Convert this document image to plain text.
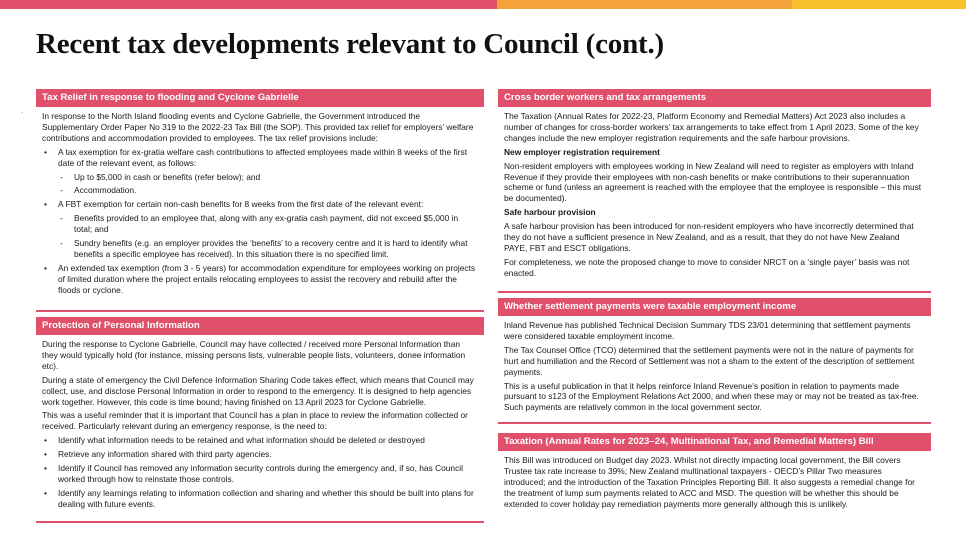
Recent tax developments relevant to Council (cont.)
-
Tax Relief in response to flooding and Cyclone Gabrielle

In response to the North Island flooding events and Cyclone Gabrielle, the Government introduced the Supplementary Order Paper No 319 to the 2022-23 Tax Bill (the SOP). This provided tax relief for employers’ welfare contributions and accommodation provided to employees. The tax relief provisions include:

• A tax exemption for ex-gratia welfare cash contributions to affected employees made within 8 weeks of the first date of the relevant event, as follows:
- Up to $5,000 in cash or benefits (refer below); and
- Accommodation.
• A FBT exemption for certain non-cash benefits for 8 weeks from the first date of the relevant event:
- Benefits provided to an employee that, along with any ex-gratia cash payment, did not exceed $5,000 in total; and
- Sundry benefits (e.g. an employer provides the ‘benefits’ to a recovery centre and it is hard to identify what benefits a specific employee has received). In this situation there is no specified limit.
• An extended tax exemption (from 3 - 5 years) for accommodation expenditure for employees working on projects of limited duration where the project entails relocating employees to assist the recovery and rebuild after the floods or cyclone.
Protection of Personal Information

During the response to Cyclone Gabrielle, Council may have collected / received more Personal Information than they would typically hold (for instance, missing persons lists, vulnerable people lists, volunteers, donee information etc).

During a state of emergency the Civil Defence Information Sharing Code takes effect, which means that Council may collect, use, and disclose Personal Information in order to respond to the emergency. It is designed to help agencies work together. However, this code is time bound; having finished on 13 April 2023 for Cyclone Gabrielle.

This was a useful reminder that it is important that Council has a plan in place to review the information collected or received. Particularly relevant during an emergency response, is the need to:

• Identify what information needs to be retained and what information should be deleted or destroyed
• Retrieve any information shared with third party agencies.
• Identify if Council has removed any information security controls during the emergency and, if so, has Council worked through how to reinstate those controls.
• Identify any learnings relating to information collection and sharing and whether this should be built into plans for dealing with future events.
Cross border workers and tax arrangements

The Taxation (Annual Rates for 2022-23, Platform Economy and Remedial Matters) Act 2023 also includes a number of changes for cross-border workers’ tax arrangements to take effect from 1 April 2023. Some of the key changes include the new employer registration requirements and the safe harbour provisions.

New employer registration requirement

Non-resident employers with employees working in New Zealand will need to register as employers with Inland Revenue if they provide their employees with non-cash benefits or make contributions to their superannuation scheme or fund (unless an agreement is reached with the employee that the employee is responsible – this must be documented).

Safe harbour provision

A safe harbour provision has been introduced for non-resident employers who have incorrectly determined that they do not have a sufficient presence in New Zealand, and as a result, that they do not have New Zealand PAYE, FBT and ESCT obligations.

For completeness, we note the proposed change to move to consider NRCT on a ‘single payer’ basis was not enacted.

Whether settlement payments were taxable employment income

Inland Revenue has published Technical Decision Summary TDS 23/01 determining that settlement payments were considered taxable employment income.

The Tax Counsel Office (TCO) determined that the settlement payments were not in the nature of payments for hurt and humiliation and the Record of Settlement was not a sham to the extent of the description of settlement payments.

This is a useful publication in that it helps reinforce Inland Revenue’s position in relation to payments made pursuant to s123 of the Employment Relations Act 2000, and when these may or may not be treated as tax-free. Such payments are relatively common in the local government sector.

Taxation (Annual Rates for 2023–24, Multinational Tax, and Remedial Matters) Bill

This Bill was introduced on Budget day 2023. Whilst not directly impacting local government, the Bill covers Trustee tax rate increase to 39%; New Zealand multinational taxpayers - OECD’s Pillar Two measures introduced; and the introduction of the Taxation Principles Reporting Bill. It also suggests a remedial change for the treatment of lump sum payments related to ACC and MSD. The question will be whether this should be extended to cover holiday pay remediation payments more generally although this is unlikely.
